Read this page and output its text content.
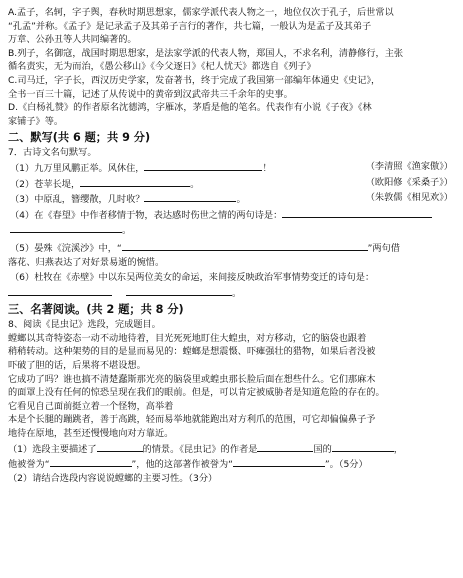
A.孟子，名轲，字子舆，春秋时期思想家，儒家学派代表人物之一，地位仅次于孔子，后世常以

“孔孟”并称。《孟子》是记录孟子及其弟子言行的著作，共七篇，一般认为是孟子及其弟子

万章、公孙丑等人共同编著的。

B.列子，名御寇，战国时期思想家，是法家学派的代表人物，郑国人，不求名利，清静修行，主张

循名责实，无为而治，《愚公移山》《今父逐日》《杞人忧天》都选自《列子》

C.司马迁，字子长，西汉历史学家，发奋著书，终于完成了我国第一部编年体通史《史记》，

全书一百三十篇，记述了从传说中的黄帝到汉武帝共三千余年的史事。

D.《白杨礼赞》的作者原名沈德鸿，字雁冰，茅盾是他的笔名。代表作有小说《子夜》《林

家铺子》等。

二、默写(共 6 题；共 9 分)

7．古诗文名句默写。

（1）九万里风鹏正举。风休住，	！	（李清照《渔家傲》）
（2）苍苹长堤，	。	（欧阳修《采桑子》）
（3）中原乱，簪缨散，几时收？	。	（朱敦儒《相见欢》）
（4）在《春望》中作者移情于物，表达感时伤世之情的两句诗是：
。
（5）晏殊《浣溪沙》中，“	”两句借

落花、归燕表达了对好景易逝的惋惜。

（6）杜牧在《赤壁》中以东吴两位美女的命运，来间接反映政治军事情势变迁的诗句是：

。

三、名著阅读。(共 2 题；共 8 分)

8、阅读《昆虫记》选段，完成题目。

螳螂以其奇特姿态一动不动地待着，目光死死地盯住大蝗虫，对方移动，它的脑袋也跟着

稍稍转动。这种架势的目的是显而易见的：螳螂是想震慑、吓瘫强壮的猎物，如果后者没被

吓破了胆的话，后果将不堪设想。

它成功了吗？谁也搞不清楚蠢斯那光亮的脑袋里或蝗虫那长脸后面在想些什么。它们那麻木

的面罩上没有任何的惊恐呈现在我们的眼前。但是，可以肯定被威胁者是知道危险的存在的。

它看见自己面前挺立着一个怪物，高举着

本是个长腿的蹦跳者，善于高跳，轻而易举地就能跑出对方利爪的范围，可它却偏偏鼻子予

地待在原地，甚至还慢慢地向对方靠近。

（1）选段主要描述了	的情景。《昆虫记》的作者是	国的	，
他被誉为“	”，他的这部著作被誉为“	”。（5分）

（2）请结合选段内容说说螳螂的主要习性。（3分）
